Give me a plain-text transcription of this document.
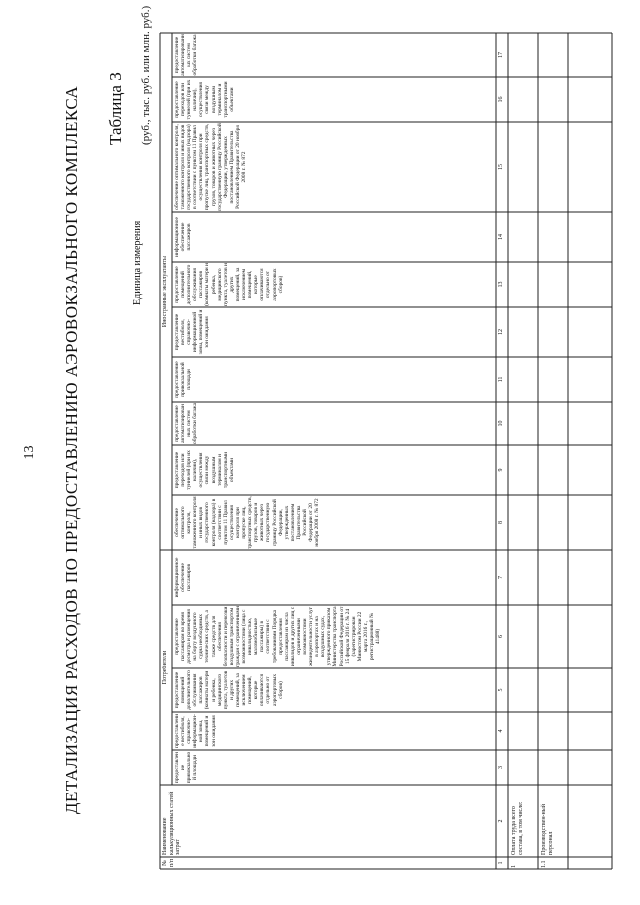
13 ДЕТАЛИЗАЦИЯ РАСХОДОВ ПО ПРЕДОСТАВЛЕНИЮ АЭРОВОКЗАЛЬНОГО КОМПЛЕКСА Таблица 3
Единица измерения
(руб., тыс. руб. или млн. руб.)
№ п/п
Наименование калькуляционных статей затрат
Потребители
Иностранные эксплуатанты
предоставление привокзальной площади
предоставление вестибюля, справочно-информацион-ной зоны, помещений и зон ожидания
предоставление помещений дополнительного обслуживания пассажиров (комнаты матери и ребенка, медицинского пункта, туалетов и других помещений, за исключением помещений, которые оплачиваются отдельно от аэропортовых сборов)
предоставление пассажирам во время досмотра и размещения на борту воздушного судна необходимых технических средств, а также средств для обеспечения безопасности и перевозки воздушным транспортом граждан с ограниченными возможностями (лица с инвалидностью, маломобильные пассажиры) в соответствии с требованиями Порядка предоставления пассажирам из числа инвалидов и других лиц с ограниченными возможностями жизнедеятельности услуг в аэропортах и на воздушных судах, утвержденного приказом Министерства транспорта Российской Федерации от 15 февраля 2016 г. № 24 (зарегистрирован Минюстом России 22 марта 2016 г., регистрационный № 41488)
информационное обеспечение пассажиров
обеспечение оптимального контроля, таможенного контроля и иных видов государственного контроля (надзора) в соответствии с пунктом 11 Правил осуществления контроля при пропуске лиц, транспортных средств, грузов, товаров и животных через государственную границу Российской Федерации, утвержденных постановлением Правительства Российской Федерации от 20 ноября 2008 г. № 872
предоставление переходов или туннелей (при их наличии), осуществления связи между воздушным терминалом и транспортными объектами
предоставление автоматизированных систем обработки багажа
предоставление привокзальной площади
предоставление вестибюля, справочно-информационной зоны, помещений и зон ожидания
предоставление помещений дополнительного обслуживания пассажиров (комнаты матери и ребенка, медицинского пункта, туалетов и других помещений, за исключением помещений, которые оплачиваются отдельно от аэропортовых сборов)
информационное обеспечение пассажиров
обеспечение оптимального контроля, таможенного контроля и иных видов государственного контроля (надзора) в соответствии с пунктом 11 Правил осуществления контроля при пропуске лиц, транспортных средств, грузов, товаров и животных через государственную границу Российской Федерации, утвержденных постановлением Правительства Российской Федерации от 20 ноября 2008 г. № 872
предоставление переходов или туннелей (при их наличии), осуществления связи между воздушным терминалом и транспортными объектами
предоставление автоматизированных систем обработки багажа
1
2
3
4
5
6
7
8
9
10
11
12
13
14
15
16
17
1
Оплата труда всего состава, в том числе:
1.1
Производствен-ный персонал
